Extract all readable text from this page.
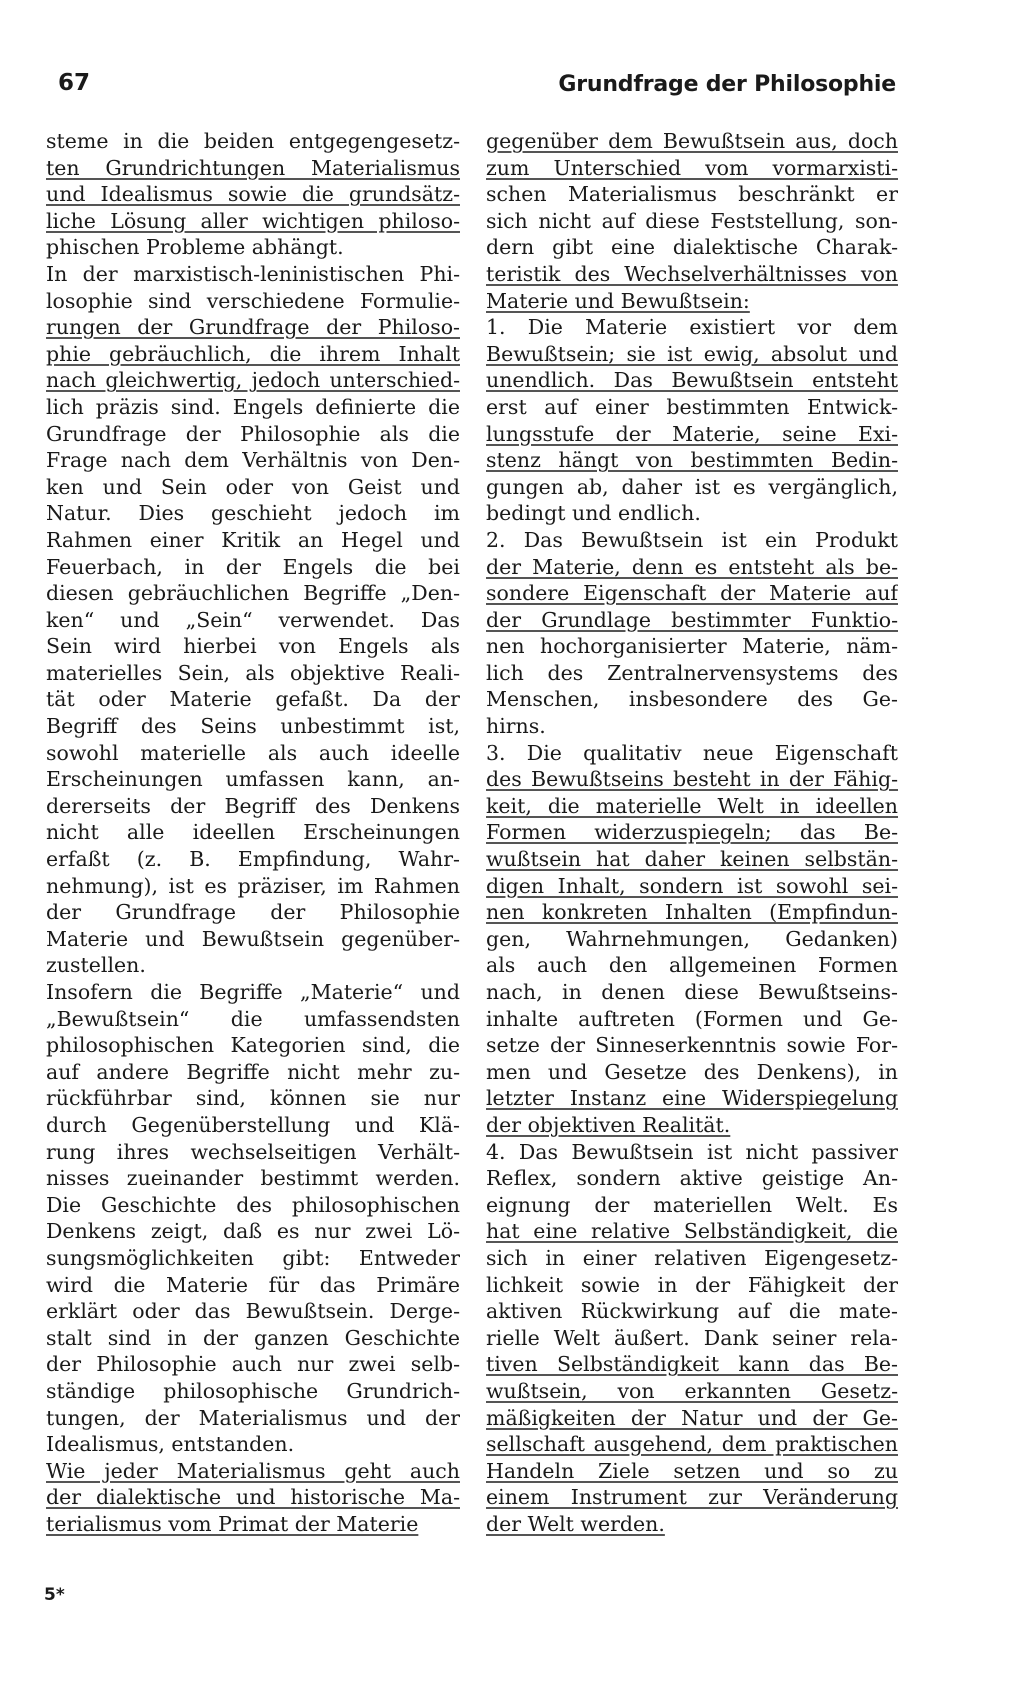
67	Grundfrage der Philosophie
steme in die beiden entgegengesetz-
ten Grundrichtungen Materialismus
und Idealismus sowie die grundsätz-
liche Lösung aller wichtigen philoso-
phischen Probleme abhängt.
In der marxistisch-leninistischen Phi-
losophie sind verschiedene Formulie-
rungen der Grundfrage der Philoso-
phie gebräuchlich, die ihrem Inhalt
nach gleichwertig, jedoch unterschied-
lich präzis sind. Engels definierte die
Grundfrage der Philosophie als die
Frage nach dem Verhältnis von Den-
ken und Sein oder von Geist und
Natur. Dies geschieht jedoch im
Rahmen einer Kritik an Hegel und
Feuerbach, in der Engels die bei
diesen gebräuchlichen Begriffe „Den-
ken“ und „Sein“ verwendet. Das
Sein wird hierbei von Engels als
materielles Sein, als objektive Reali-
tät oder Materie gefaßt. Da der
Begriff des Seins unbestimmt ist,
sowohl materielle als auch ideelle
Erscheinungen umfassen kann, an-
dererseits der Begriff des Denkens
nicht alle ideellen Erscheinungen
erfaßt (z. B. Empfindung, Wahr-
nehmung), ist es präziser, im Rahmen
der Grundfrage der Philosophie
Materie und Bewußtsein gegenüber-
zustellen.
Insofern die Begriffe „Materie“ und
„Bewußtsein“ die umfassendsten
philosophischen Kategorien sind, die
auf andere Begriffe nicht mehr zu-
rückführbar sind, können sie nur
durch Gegenüberstellung und Klä-
rung ihres wechselseitigen Verhält-
nisses zueinander bestimmt werden.
Die Geschichte des philosophischen
Denkens zeigt, daß es nur zwei Lö-
sungsmöglichkeiten gibt: Entweder
wird die Materie für das Primäre
erklärt oder das Bewußtsein. Derge-
stalt sind in der ganzen Geschichte
der Philosophie auch nur zwei selb-
ständige philosophische Grundrich-
tungen, der Materialismus und der
Idealismus, entstanden.
Wie jeder Materialismus geht auch
der dialektische und historische Ma-
terialismus vom Primat der Materie
gegenüber dem Bewußtsein aus, doch
zum Unterschied vom vormarxisti-
schen Materialismus beschränkt er
sich nicht auf diese Feststellung, son-
dern gibt eine dialektische Charak-
teristik des Wechselverhältnisses von
Materie und Bewußtsein:
1. Die Materie existiert vor dem
Bewußtsein; sie ist ewig, absolut und
unendlich. Das Bewußtsein entsteht
erst auf einer bestimmten Entwick-
lungsstufe der Materie, seine Exi-
stenz hängt von bestimmten Bedin-
gungen ab, daher ist es vergänglich,
bedingt und endlich.
2. Das Bewußtsein ist ein Produkt
der Materie, denn es entsteht als be-
sondere Eigenschaft der Materie auf
der Grundlage bestimmter Funktio-
nen hochorganisierter Materie, näm-
lich des Zentralnervensystems des
Menschen, insbesondere des Ge-
hirns.
3. Die qualitativ neue Eigenschaft
des Bewußtseins besteht in der Fähig-
keit, die materielle Welt in ideellen
Formen widerzuspiegeln; das Be-
wußtsein hat daher keinen selbstän-
digen Inhalt, sondern ist sowohl sei-
nen konkreten Inhalten (Empfindun-
gen, Wahrnehmungen, Gedanken)
als auch den allgemeinen Formen
nach, in denen diese Bewußtseins-
inhalte auftreten (Formen und Ge-
setze der Sinneserkenntnis sowie For-
men und Gesetze des Denkens), in
letzter Instanz eine Widerspiegelung
der objektiven Realität.
4. Das Bewußtsein ist nicht passiver
Reflex, sondern aktive geistige An-
eignung der materiellen Welt. Es
hat eine relative Selbständigkeit, die
sich in einer relativen Eigengesetz-
lichkeit sowie in der Fähigkeit der
aktiven Rückwirkung auf die mate-
rielle Welt äußert. Dank seiner rela-
tiven Selbständigkeit kann das Be-
wußtsein, von erkannten Gesetz-
mäßigkeiten der Natur und der Ge-
sellschaft ausgehend, dem praktischen
Handeln Ziele setzen und so zu
einem Instrument zur Veränderung
der Welt werden.
5*
